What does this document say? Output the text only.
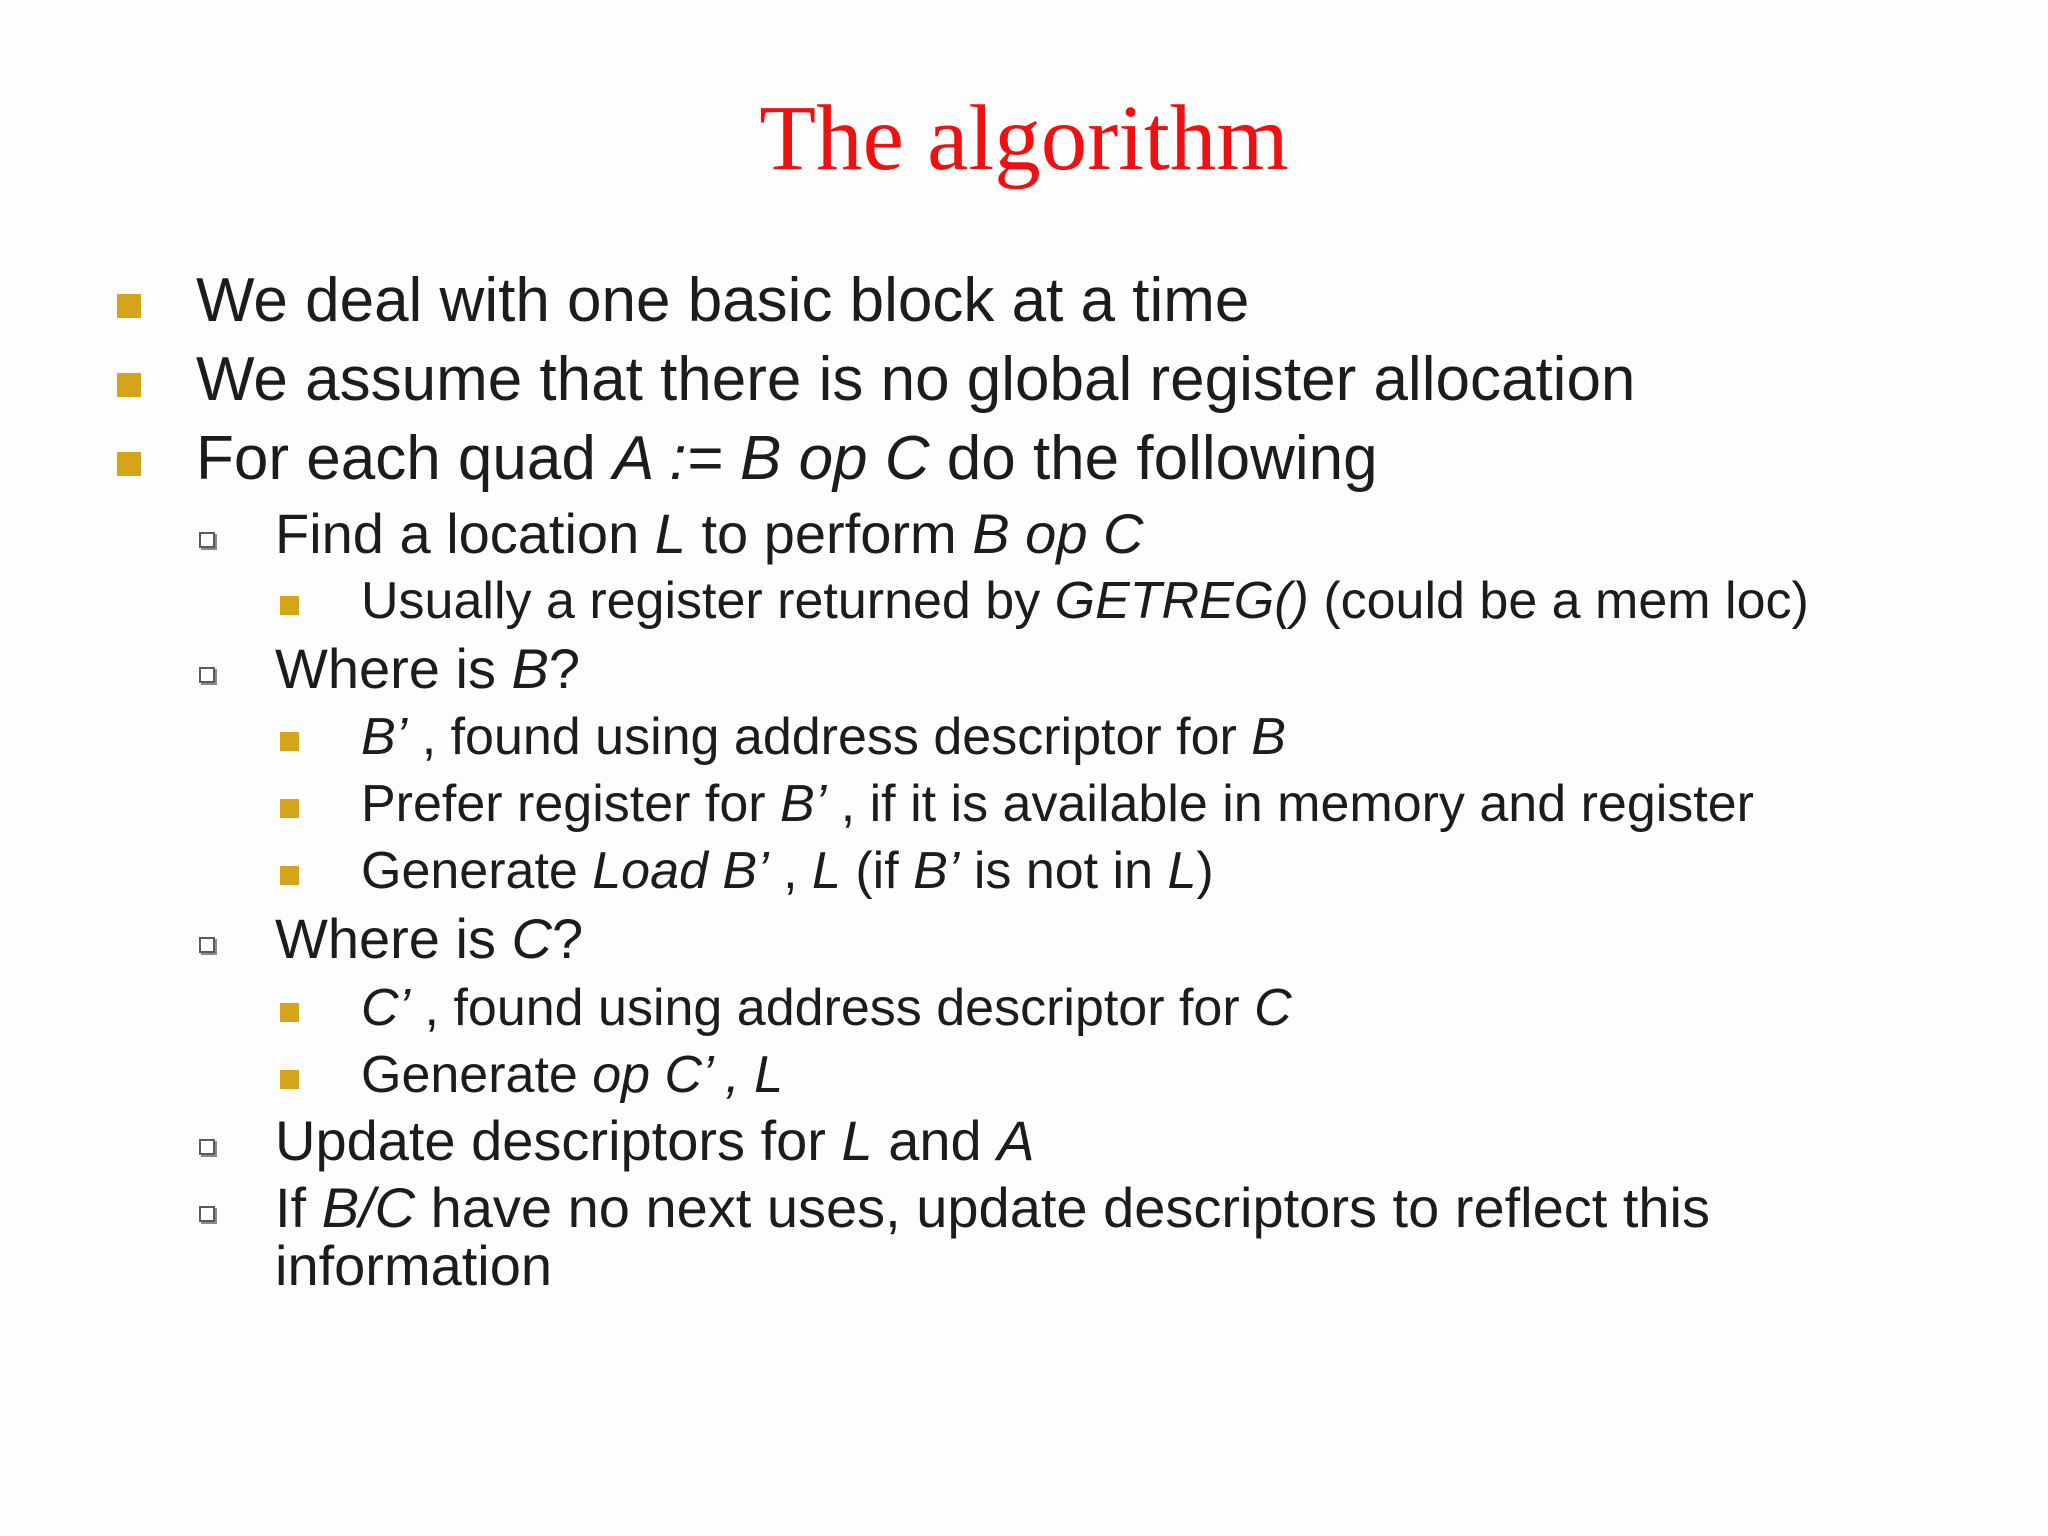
The algorithm
We deal with one basic block at a time
We assume that there is no global register allocation
For each quad A := B op C do the following
Find a location L to perform B op C
Usually a register returned by GETREG() (could be a mem loc)
Where is B?
B’ , found using address descriptor for B
Prefer register for B’ , if it is available in memory and register
Generate Load B’ , L (if B’ is not in L)
Where is C?
C’ , found using address descriptor for C
Generate op C’ , L
Update descriptors for L and A
If B/C have no next uses, update descriptors to reflect this
information
